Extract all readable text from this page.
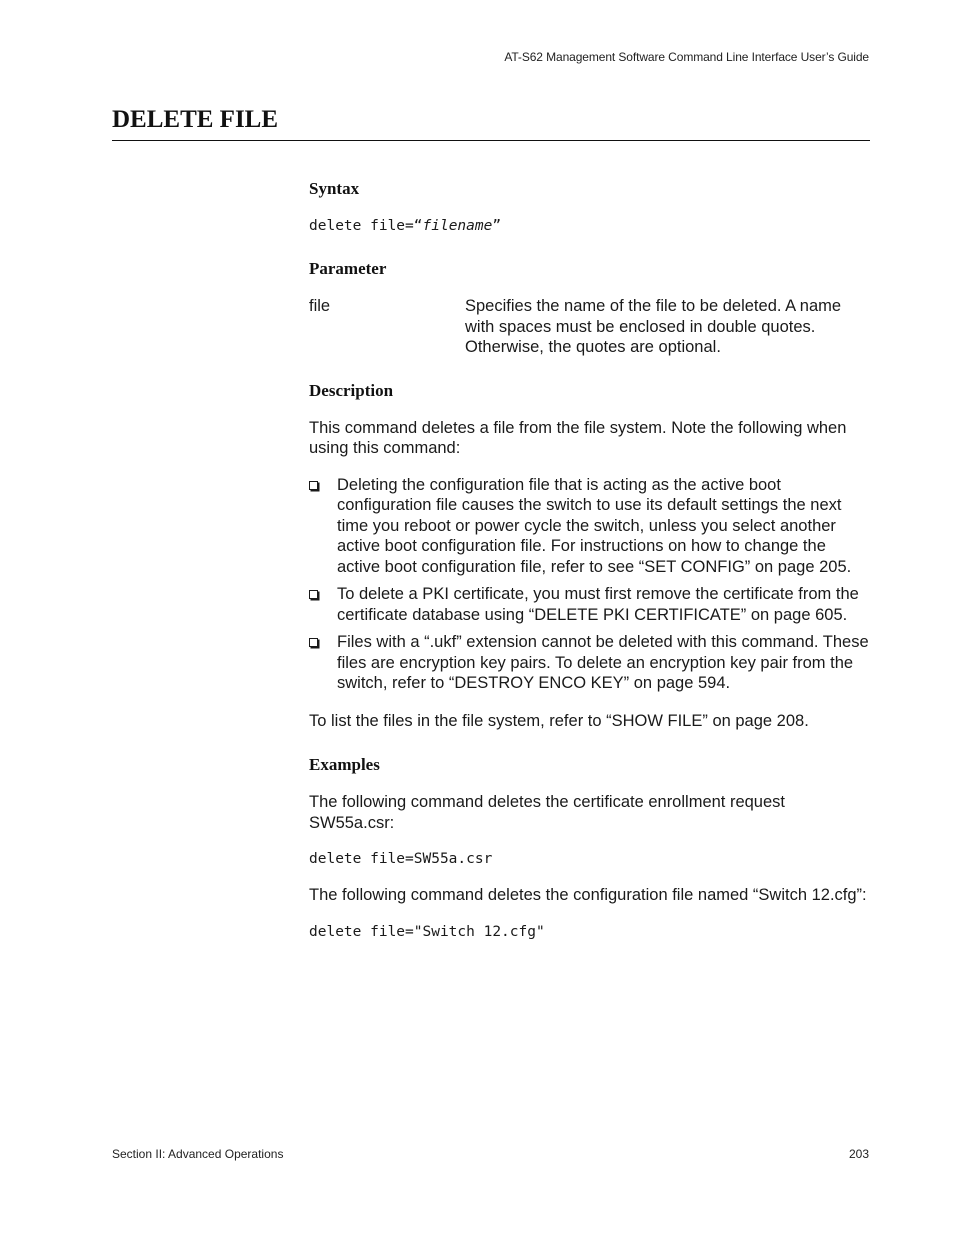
AT-S62 Management Software Command Line Interface User’s Guide
DELETE FILE
Syntax
delete file=“filename”
Parameter
file	Specifies the name of the file to be deleted. A name with spaces must be enclosed in double quotes. Otherwise, the quotes are optional.
Description

This command deletes a file from the file system. Note the following when using this command:

Deleting the configuration file that is acting as the active boot configuration file causes the switch to use its default settings the next time you reboot or power cycle the switch, unless you select another active boot configuration file. For instructions on how to change the active boot configuration file, refer to see “SET CONFIG” on page 205.
To delete a PKI certificate, you must first remove the certificate from the certificate database using “DELETE PKI CERTIFICATE” on page 605.
Files with a “.ukf” extension cannot be deleted with this command. These files are encryption key pairs. To delete an encryption key pair from the switch, refer to “DESTROY ENCO KEY” on page 594.

To list the files in the file system, refer to “SHOW FILE” on page 208.

Examples

The following command deletes the certificate enrollment request SW55a.csr:

delete file=SW55a.csr

The following command deletes the configuration file named “Switch 12.cfg”:

delete file="Switch 12.cfg"
Section II: Advanced Operations	203
